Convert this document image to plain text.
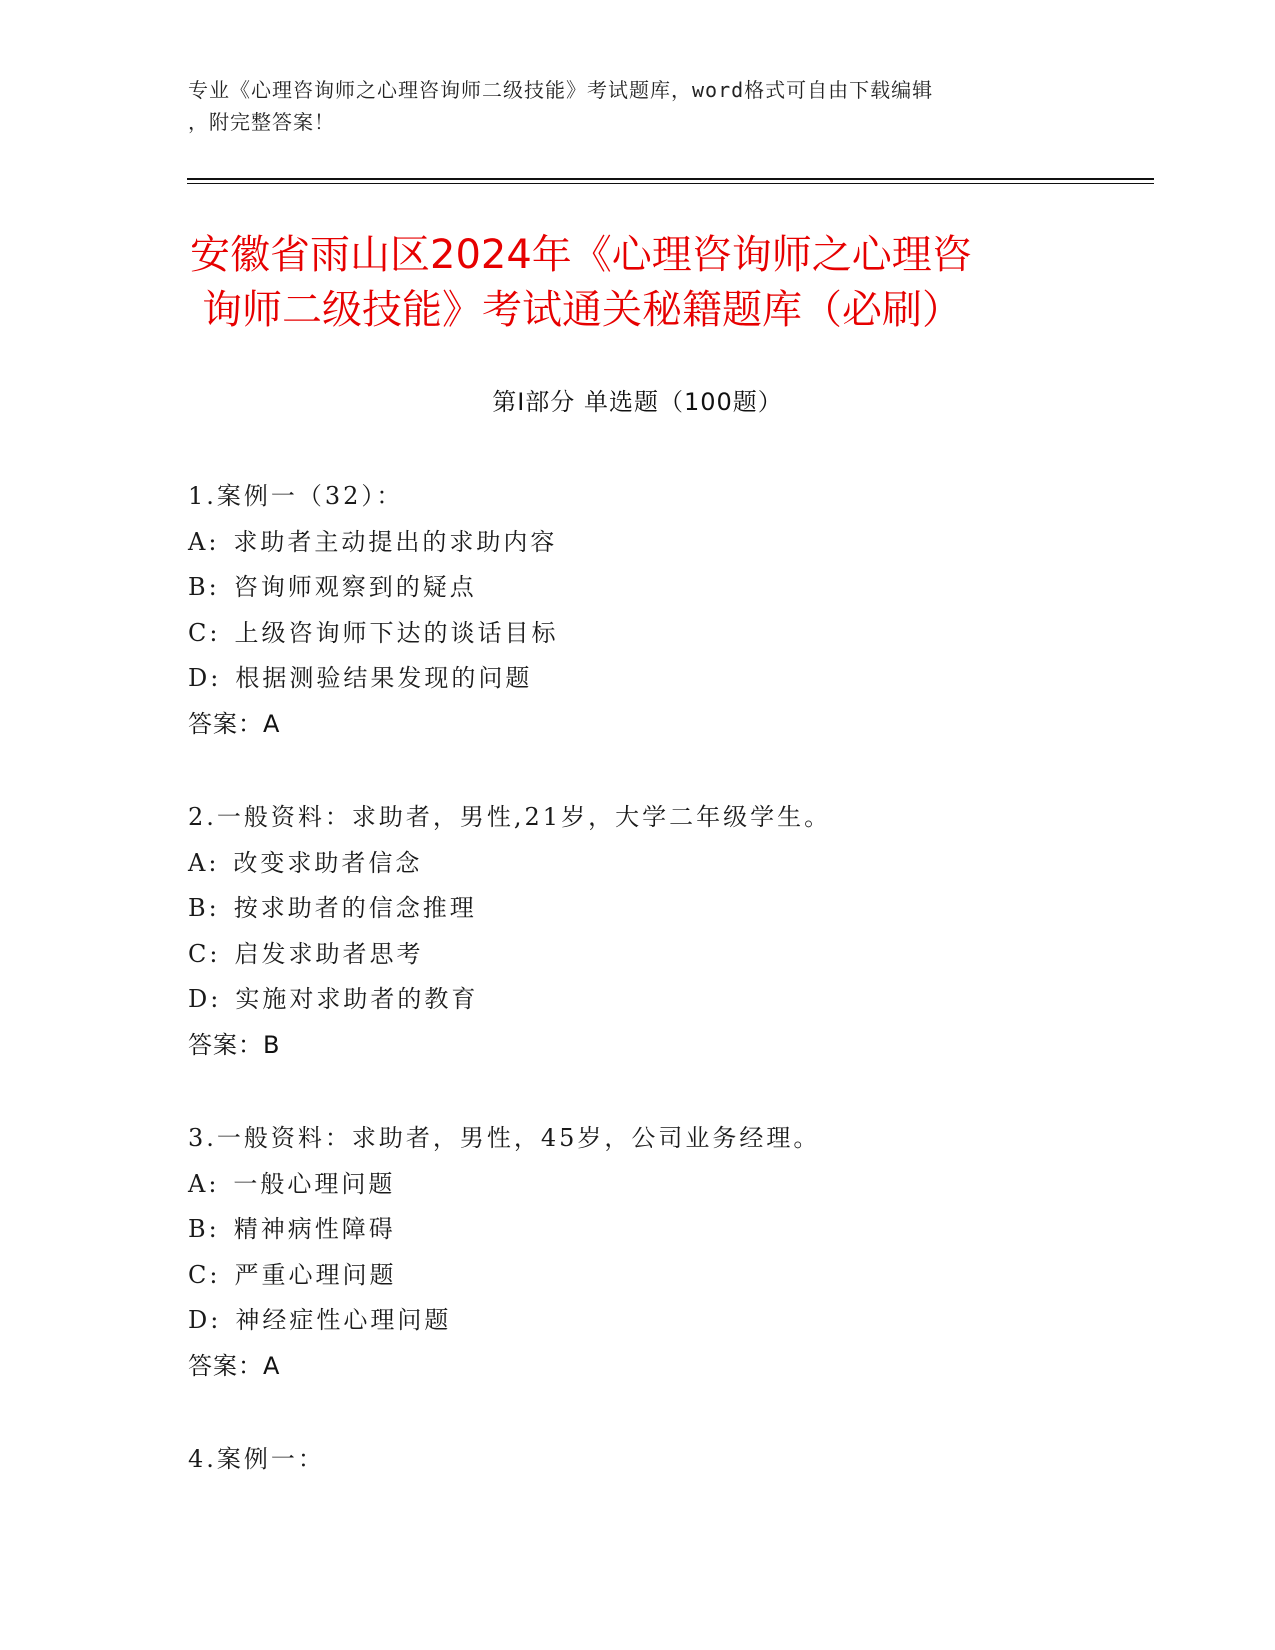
专业《心理咨询师之心理咨询师二级技能》考试题库，word格式可自由下载编辑
，附完整答案！
安徽省雨山区2024年《心理咨询师之心理咨
询师二级技能》考试通关秘籍题库（必刷）
第Ⅰ部分 单选题（100题）
1.案例一（32）：
A: 求助者主动提出的求助内容
B: 咨询师观察到的疑点
C: 上级咨询师下达的谈话目标
D: 根据测验结果发现的问题
答案：A
2.一般资料：求助者，男性,21岁，大学二年级学生。
A: 改变求助者信念
B: 按求助者的信念推理
C: 启发求助者思考
D: 实施对求助者的教育
答案：B
3.一般资料：求助者，男性，45岁，公司业务经理。
A: 一般心理问题
B: 精神病性障碍
C: 严重心理问题
D: 神经症性心理问题
答案：A
4.案例一：
